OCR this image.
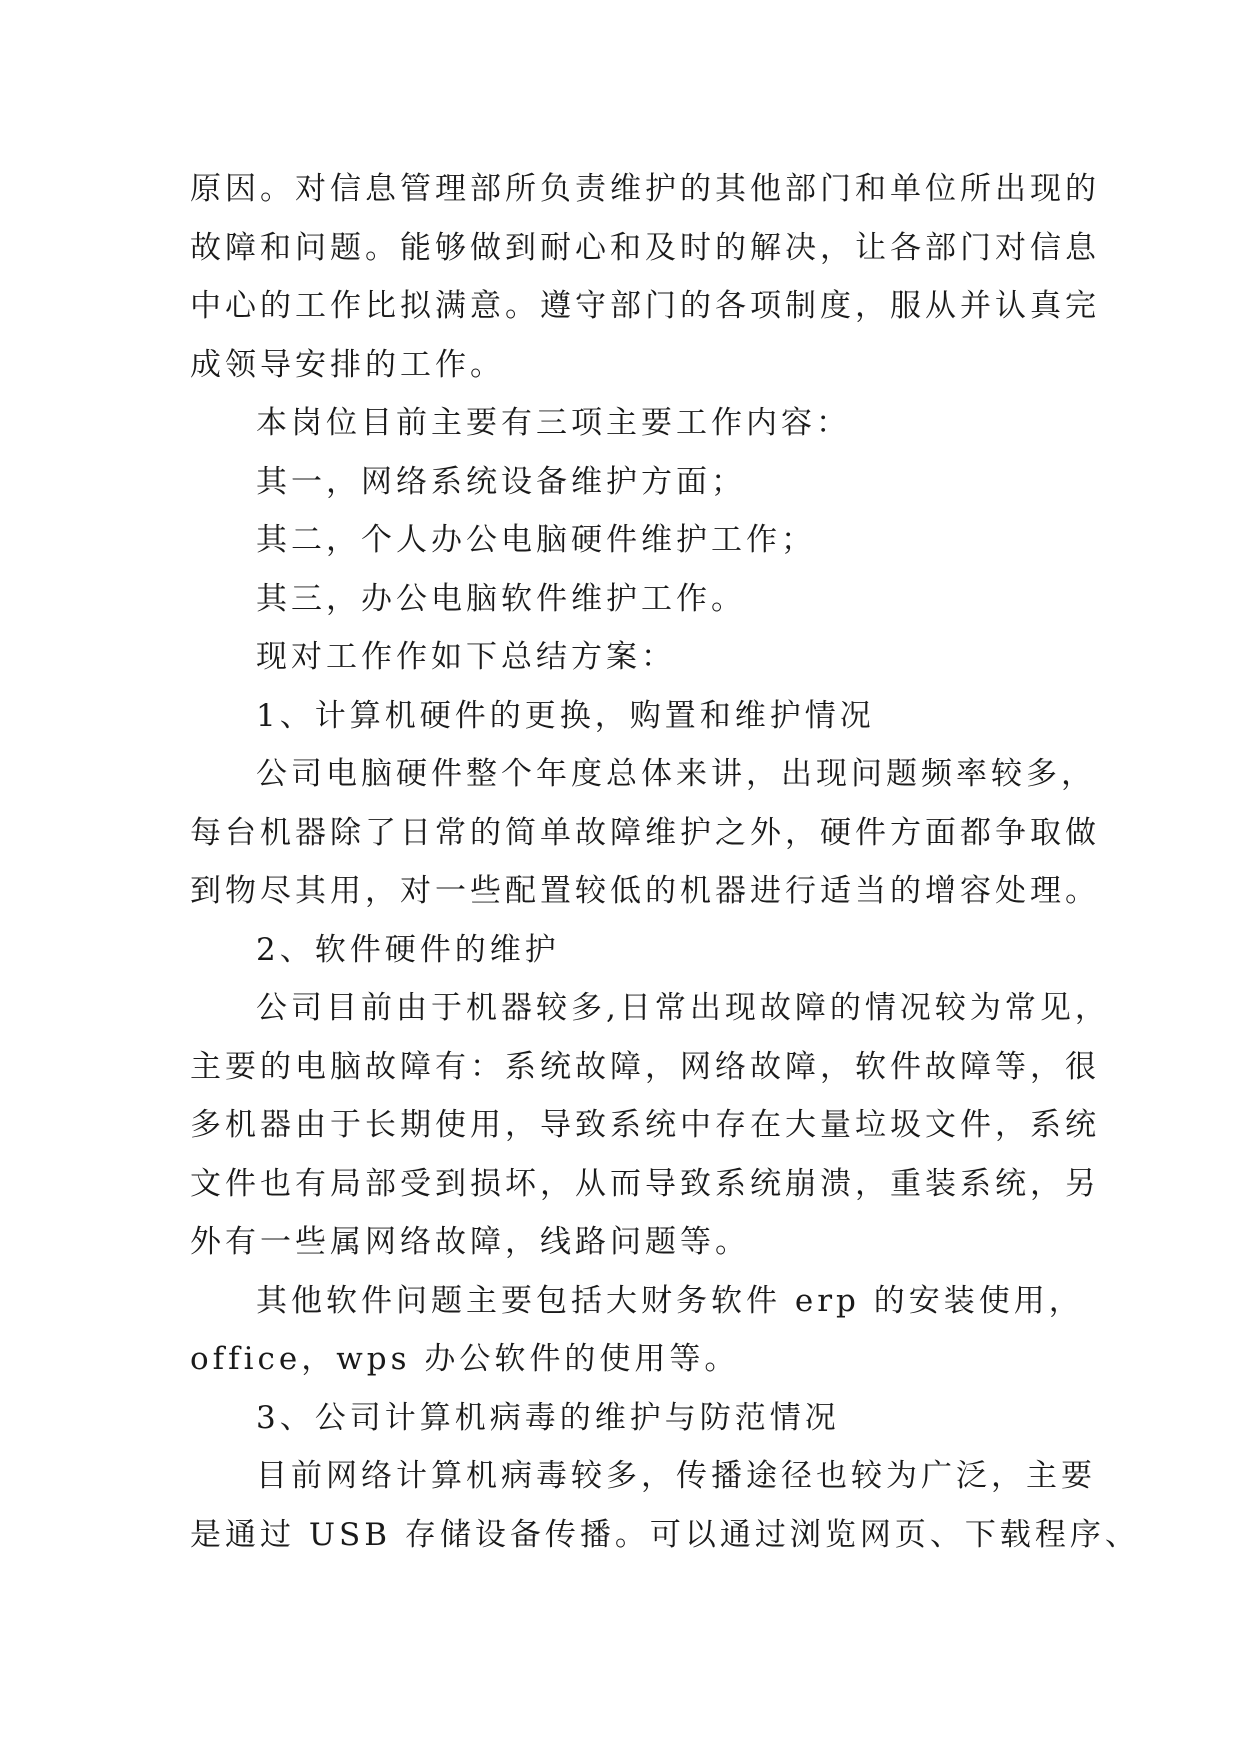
原因。对信息管理部所负责维护的其他部门和单位所出现的
故障和问题。能够做到耐心和及时的解决，让各部门对信息
中心的工作比拟满意。遵守部门的各项制度，服从并认真完
成领导安排的工作。
本岗位目前主要有三项主要工作内容：
其一，网络系统设备维护方面；
其二，个人办公电脑硬件维护工作；
其三，办公电脑软件维护工作。
现对工作作如下总结方案：
1、计算机硬件的更换，购置和维护情况
公司电脑硬件整个年度总体来讲，出现问题频率较多，
每台机器除了日常的简单故障维护之外，硬件方面都争取做
到物尽其用，对一些配置较低的机器进行适当的增容处理。
2、软件硬件的维护
公司目前由于机器较多,日常出现故障的情况较为常见，
主要的电脑故障有：系统故障，网络故障，软件故障等，很
多机器由于长期使用，导致系统中存在大量垃圾文件，系统
文件也有局部受到损坏，从而导致系统崩溃，重装系统，另
外有一些属网络故障，线路问题等。
其他软件问题主要包括大财务软件 erp 的安装使用，
office，wps 办公软件的使用等。
3、公司计算机病毒的维护与防范情况
目前网络计算机病毒较多，传播途径也较为广泛，主要
是通过 USB 存储设备传播。可以通过浏览网页、下载程序、
